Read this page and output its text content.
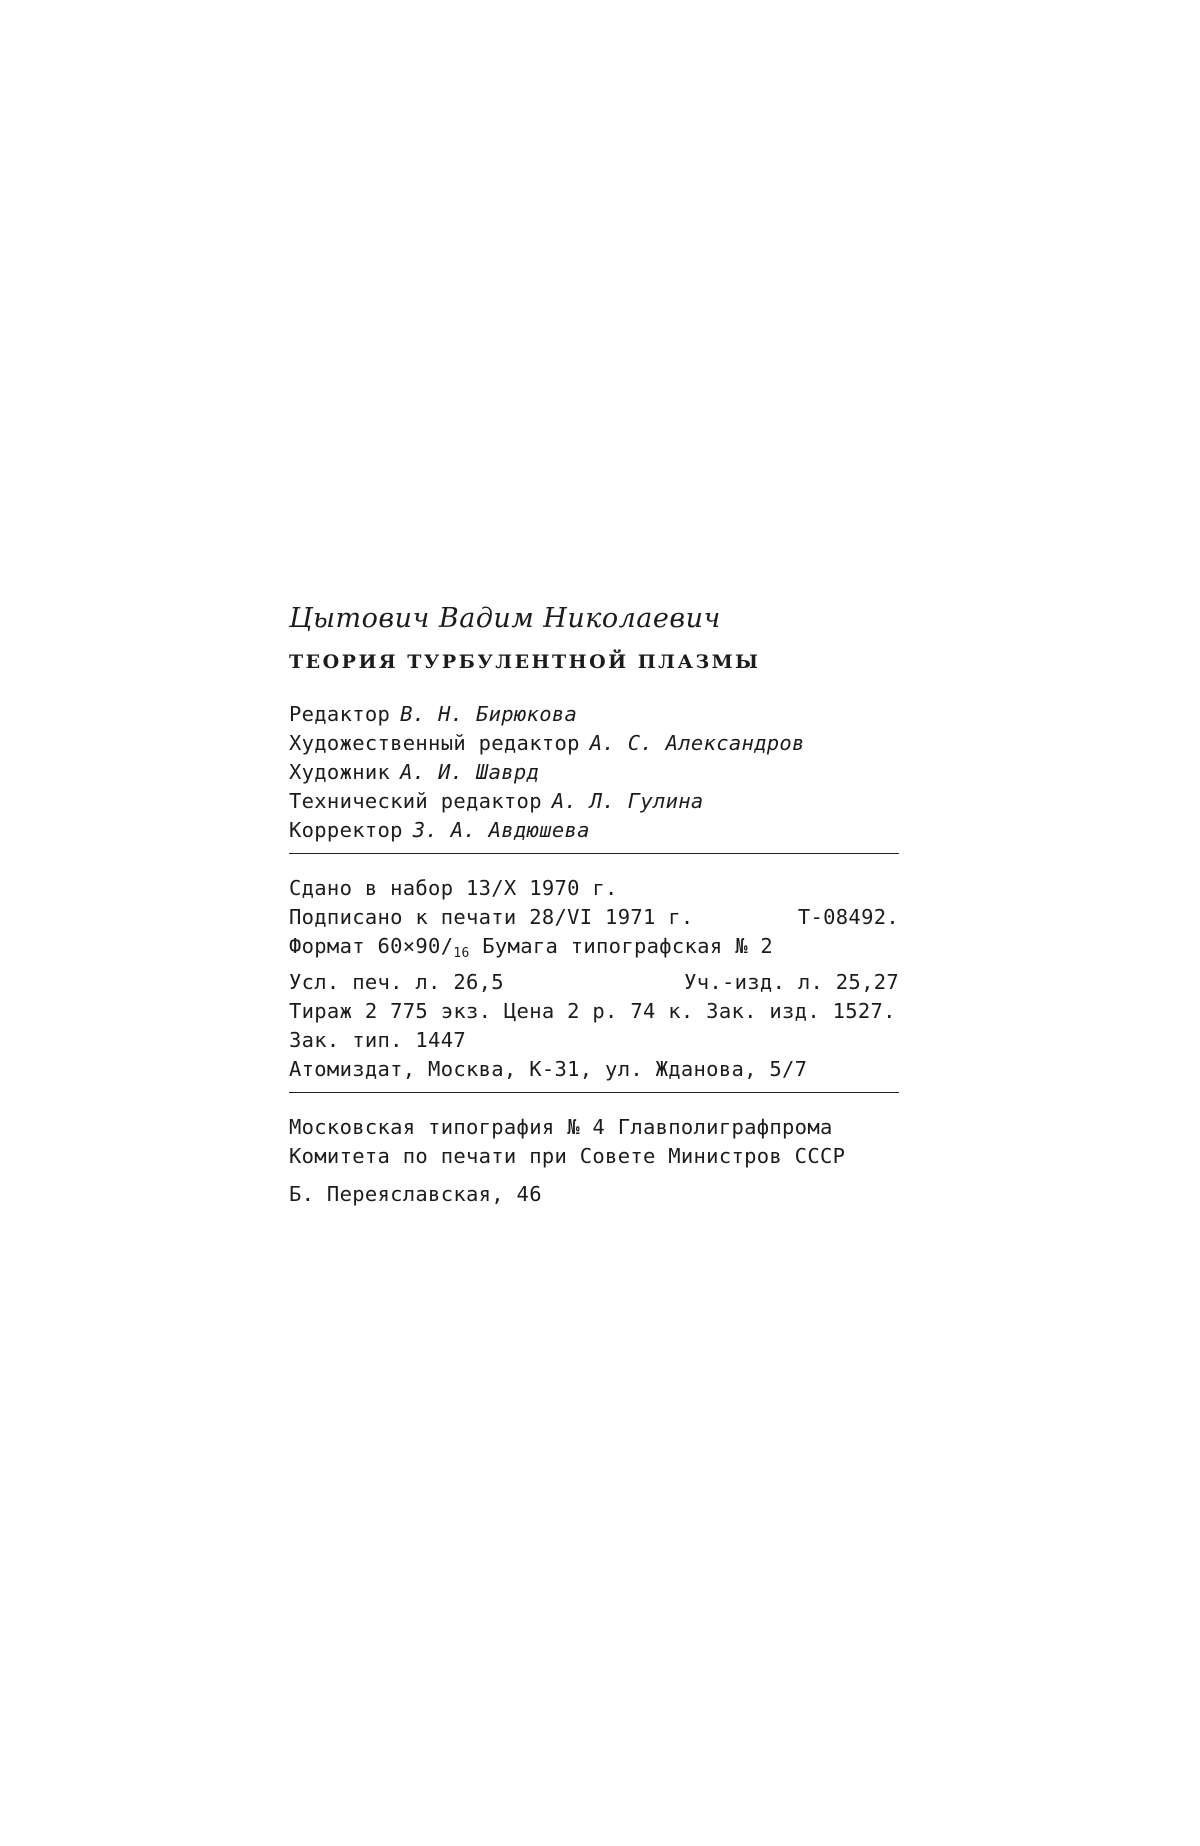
Цытович Вадим Николаевич
ТЕОРИЯ ТУРБУЛЕНТНОЙ ПЛАЗМЫ
Редактор В. Н. Бирюкова
Художественный редактор А. С. Александров
Художник А. И. Шаврд
Технический редактор А. Л. Гулина
Корректор З. А. Авдюшева
Сдано в набор 13/X 1970 г.
Подписано к печати 28/VI 1971 г.	Т-08492.
Формат 60×90/16 Бумага типографская № 2
Усл. печ. л. 26,5	Уч.-изд. л. 25,27
Тираж 2 775 экз. Цена 2 р. 74 к. Зак. изд. 1527.
Зак. тип. 1447
Атомиздат, Москва, К-31, ул. Жданова, 5/7
Московская типография № 4 Главполиграфпрома
Комитета по печати при Совете Министров СССР
Б. Переяславская, 46
